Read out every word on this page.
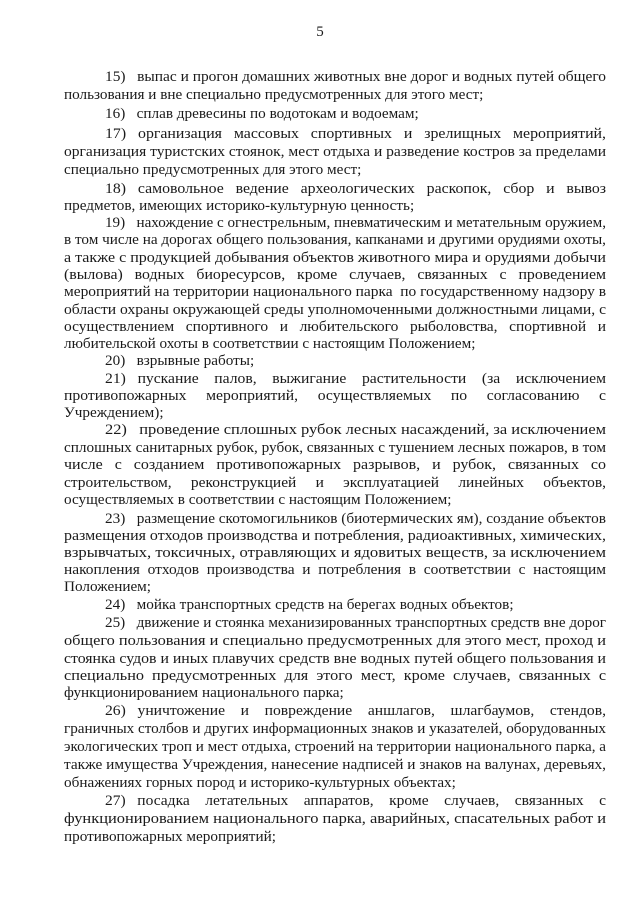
5

15)   выпас и прогон домашних животных вне дорог и водных путей общего

пользования и вне специально предусмотренных для этого мест;

16)   сплав древесины по водотокам и водоемам;

17)   организация   массовых   спортивных   и   зрелищных   мероприятий,

организация туристских стоянок, мест отдыха и разведение костров за пределами

специально предусмотренных для этого мест;

18)   самовольное   ведение   археологических   раскопок,   сбор   и   вывоз

предметов, имеющих историко-культурную ценность;

19)   нахождение с огнестрельным, пневматическим и метательным оружием,

в том числе на дорогах общего пользования, капканами и другими орудиями охоты,

а также с продукцией добывания объектов животного мира и орудиями добычи

(вылова)   водных   биоресурсов,   кроме   случаев,   связанных   с   проведением

мероприятий на территории национального парка  по государственному надзору в

области охраны окружающей среды уполномоченными должностными лицами, с

осуществлением   спортивного   и   любительского   рыболовства,   спортивной   и

любительской охоты в соответствии с настоящим Положением;

20)   взрывные работы;

21)   пускание    палов,    выжигание    растительности    (за    исключением

противопожарных     мероприятий,     осуществляемых     по     согласованию     с

Учреждением);

22)   проведение сплошных рубок лесных насаждений, за исключением

сплошных санитарных рубок, рубок, связанных с тушением лесных пожаров, в том

числе   с   созданием   противопожарных   разрывов,   и   рубок,   связанных   со

строительством,     реконструкцией     и     эксплуатацией     линейных     объектов,

осуществляемых в соответствии с настоящим Положением;

23)   размещение скотомогильников (биотермических ям), создание объектов

размещения отходов производства и потребления, радиоактивных, химических,

взрывчатых, токсичных, отравляющих и ядовитых веществ, за исключением

накопления  отходов  производства  и  потребления  в  соответствии  с  настоящим

Положением;

24)   мойка транспортных средств на берегах водных объектов;

25)   движение и стоянка механизированных транспортных средств вне дорог

общего пользования и специально предусмотренных для этого мест, проход и

стоянка судов и иных плавучих средств вне водных путей общего пользования и

специально  предусмотренных  для  этого  мест,  кроме  случаев,  связанных  с

функционированием национального парка;

26)   уничтожение    и    повреждение    аншлагов,    шлагбаумов,    стендов,

граничных столбов и других информационных знаков и указателей, оборудованных

экологических троп и мест отдыха, строений на территории национального парка, а

также имущества Учреждения, нанесение надписей и знаков на валунах, деревьях,

обнажениях горных пород и историко-культурных объектах;

27)   посадка    летательных    аппаратов,    кроме    случаев,    связанных    с

функционированием национального парка, аварийных, спасательных работ и

противопожарных мероприятий;
